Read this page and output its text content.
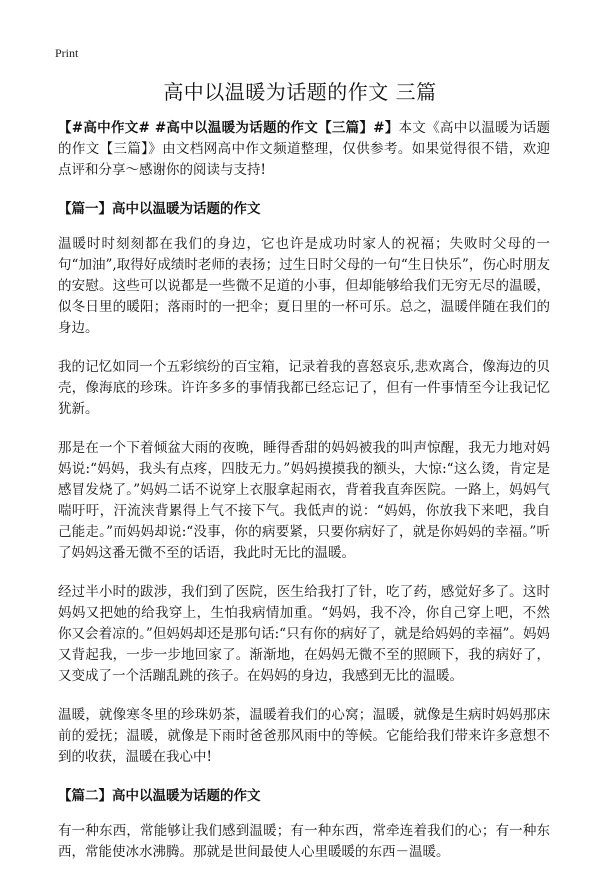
Print
高中以温暖为话题的作文 三篇

【#高中作文# #高中以温暖为话题的作文【三篇】#】本文《高中以温暖为话题的作文【三篇】》由文档网高中作文频道整理，仅供参考。如果觉得很不错，欢迎点评和分享～感谢你的阅读与支持!

【篇一】高中以温暖为话题的作文

温暖时时刻刻都在我们的身边，它也许是成功时家人的祝福；失败时父母的一句“加油”,取得好成绩时老师的表扬；过生日时父母的一句“生日快乐”，伤心时朋友的安慰。这些可以说都是一些微不足道的小事，但却能够给我们无穷无尽的温暖，似冬日里的暖阳；落雨时的一把伞；夏日里的一杯可乐。总之，温暖伴随在我们的身边。

我的记忆如同一个五彩缤纷的百宝箱，记录着我的喜怒哀乐,悲欢离合，像海边的贝壳，像海底的珍珠。许许多多的事情我都已经忘记了，但有一件事情至今让我记忆犹新。

那是在一个下着倾盆大雨的夜晚，睡得香甜的妈妈被我的叫声惊醒，我无力地对妈妈说:“妈妈，我头有点疼，四肢无力。”妈妈摸摸我的额头，大惊:“这么烫，肯定是感冒发烧了。”妈妈二话不说穿上衣服拿起雨衣，背着我直奔医院。一路上，妈妈气喘吁吁，汗流浃背累得上气不接下气。我低声的说：“妈妈，你放我下来吧，我自己能走。”而妈妈却说:“没事，你的病要紧，只要你病好了，就是你妈妈的幸福。”听了妈妈这番无微不至的话语，我此时无比的温暖。

经过半小时的跋涉，我们到了医院，医生给我打了针，吃了药，感觉好多了。这时妈妈又把她的给我穿上，生怕我病情加重。“妈妈，我不冷，你自己穿上吧，不然你又会着凉的。”但妈妈却还是那句话:“只有你的病好了，就是给妈妈的幸福”。妈妈又背起我，一步一步地回家了。渐渐地，在妈妈无微不至的照顾下，我的病好了，又变成了一个活蹦乱跳的孩子。在妈妈的身边，我感到无比的温暖。

温暖，就像寒冬里的珍珠奶茶，温暖着我们的心窝；温暖，就像是生病时妈妈那床前的爱抚；温暖，就像是下雨时爸爸那风雨中的等候。它能给我们带来许多意想不到的收获，温暖在我心中!

【篇二】高中以温暖为话题的作文

有一种东西，常能够让我们感到温暖；有一种东西，常牵连着我们的心；有一种东西，常能使冰水沸腾。那就是世间最使人心里暖暖的东西－温暖。
